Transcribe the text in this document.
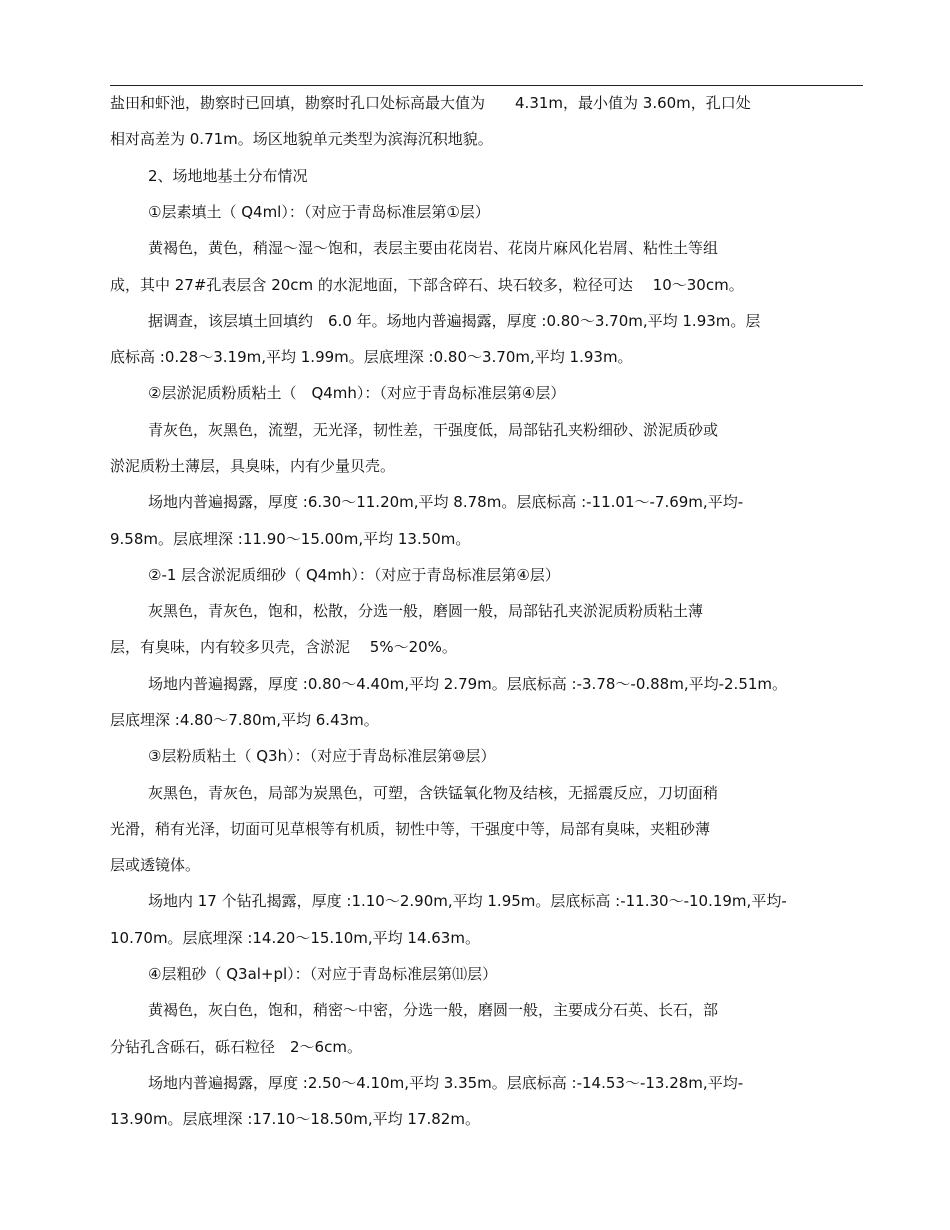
盐田和虾池，勘察时已回填，勘察时孔口处标高最大值为　　4.31m，最小值为 3.60m，孔口处
相对高差为 0.71m。场区地貌单元类型为滨海沉积地貌。
2、场地地基土分布情况
①层素填土（ Q4ml）：（对应于青岛标准层第①层）
黄褐色，黄色，稍湿～湿～饱和，表层主要由花岗岩、花岗片麻风化岩屑、粘性土等组
成，其中 27#孔表层含 20cm 的水泥地面，下部含碎石、块石较多，粒径可达　 10～30cm。
据调查，该层填土回填约　6.0 年。场地内普遍揭露，厚度 :0.80～3.70m,平均 1.93m。层
底标高 :0.28～3.19m,平均 1.99m。层底埋深 :0.80～3.70m,平均 1.93m。
②层淤泥质粉质粘土（　Q4mh）：（对应于青岛标准层第④层）
青灰色，灰黑色，流塑，无光泽，韧性差，干强度低，局部钻孔夹粉细砂、淤泥质砂或
淤泥质粉土薄层，具臭味，内有少量贝壳。
场地内普遍揭露，厚度 :6.30～11.20m,平均 8.78m。层底标高 :-11.01～-7.69m,平均-
9.58m。层底埋深 :11.90～15.00m,平均 13.50m。
②-1 层含淤泥质细砂（ Q4mh）：（对应于青岛标准层第④层）
灰黑色，青灰色，饱和，松散，分选一般，磨圆一般，局部钻孔夹淤泥质粉质粘土薄
层，有臭味，内有较多贝壳，含淤泥　 5%～20%。
场地内普遍揭露，厚度 :0.80～4.40m,平均 2.79m。层底标高 :-3.78～-0.88m,平均-2.51m。
层底埋深 :4.80～7.80m,平均 6.43m。
③层粉质粘土（ Q3h）：（对应于青岛标准层第⑩层）
灰黑色，青灰色，局部为炭黑色，可塑，含铁锰氧化物及结核，无摇震反应，刀切面稍
光滑，稍有光泽，切面可见草根等有机质，韧性中等，干强度中等，局部有臭味，夹粗砂薄
层或透镜体。
场地内 17 个钻孔揭露，厚度 :1.10～2.90m,平均 1.95m。层底标高 :-11.30～-10.19m,平均-
10.70m。层底埋深 :14.20～15.10m,平均 14.63m。
④层粗砂（ Q3al+pl）：（对应于青岛标准层第⑾层）
黄褐色，灰白色，饱和，稍密～中密，分选一般，磨圆一般，主要成分石英、长石，部
分钻孔含砾石，砾石粒径　2～6cm。
场地内普遍揭露，厚度 :2.50～4.10m,平均 3.35m。层底标高 :-14.53～-13.28m,平均-
13.90m。层底埋深 :17.10～18.50m,平均 17.82m。
